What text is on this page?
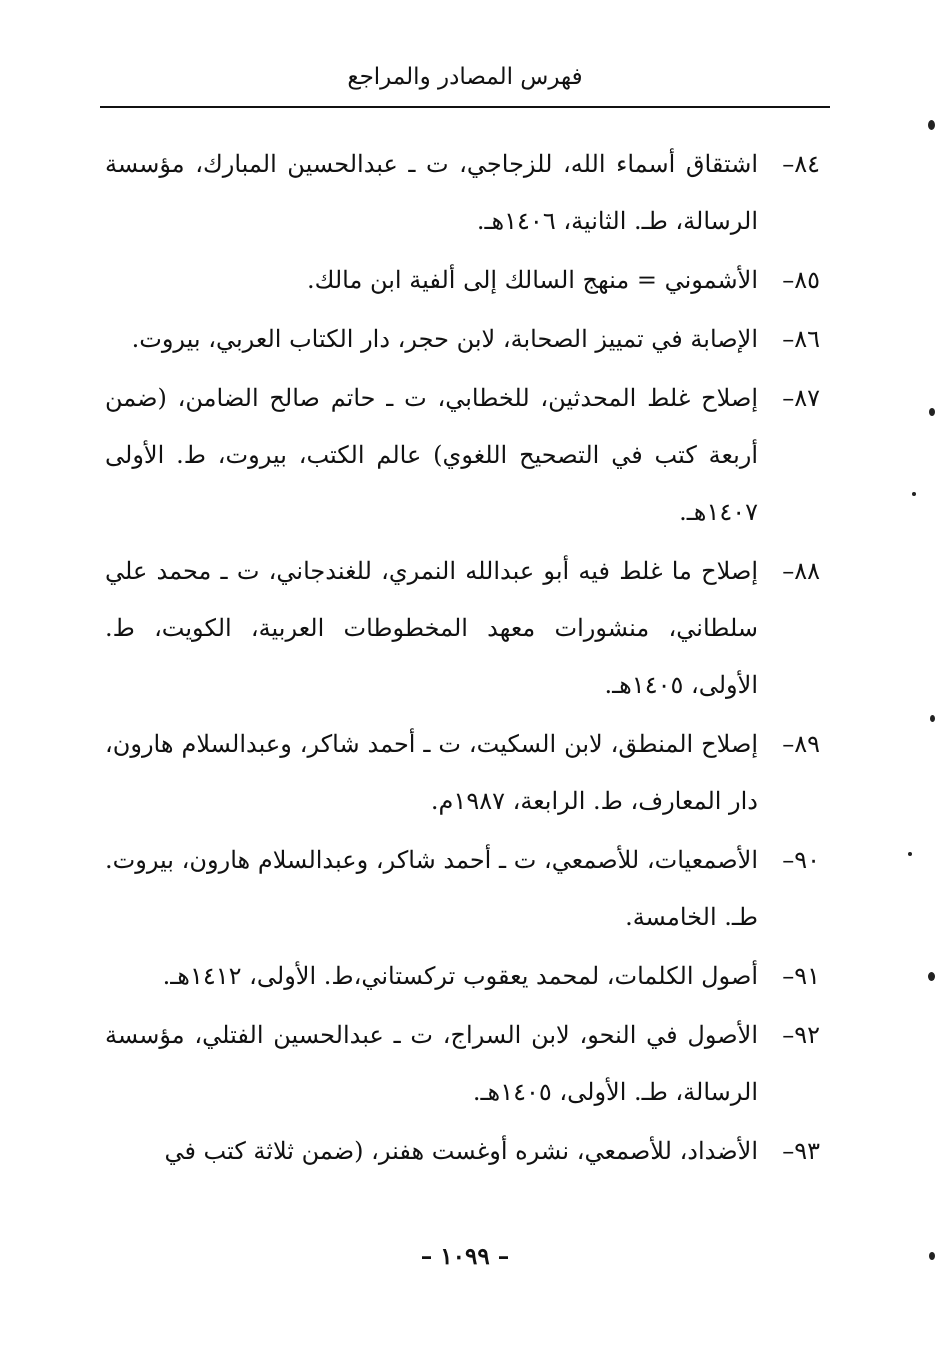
فهرس المصادر والمراجع
٨٤–
اشتقاق أسماء الله، للزجاجي، ت ـ عبدالحسين المبارك، مؤسسة الرسالة، طـ. الثانية، ١٤٠٦هـ.
٨٥–
الأشموني = منهج السالك إلى ألفية ابن مالك.
٨٦–
الإصابة في تمييز الصحابة، لابن حجر، دار الكتاب العربي، بيروت.
٨٧–
إصلاح غلط المحدثين، للخطابي، ت ـ حاتم صالح الضامن، (ضمن أربعة كتب في التصحيح اللغوي) عالم الكتب، بيروت، ط. الأولى ١٤٠٧هـ.
٨٨–
إصلاح ما غلط فيه أبو عبدالله النمري، للغندجاني، ت ـ محمد علي سلطاني، منشورات معهد المخطوطات العربية، الكويت، ط. الأولى، ١٤٠٥هـ.
٨٩–
إصلاح المنطق، لابن السكيت، ت ـ أحمد شاكر، وعبدالسلام هارون، دار المعارف، ط. الرابعة، ١٩٨٧م.
٩٠–
الأصمعيات، للأصمعي، ت ـ أحمد شاكر، وعبدالسلام هارون، بيروت. طـ. الخامسة.
٩١–
أصول الكلمات، لمحمد يعقوب تركستاني،ط. الأولى، ١٤١٢هـ.
٩٢–
الأصول في النحو، لابن السراج، ت ـ عبدالحسين الفتلي، مؤسسة الرسالة، طـ. الأولى، ١٤٠٥هـ.
٩٣–
الأضداد، للأصمعي، نشره أوغست هفنر، (ضمن ثلاثة كتب في
– ١٠٩٩ –
